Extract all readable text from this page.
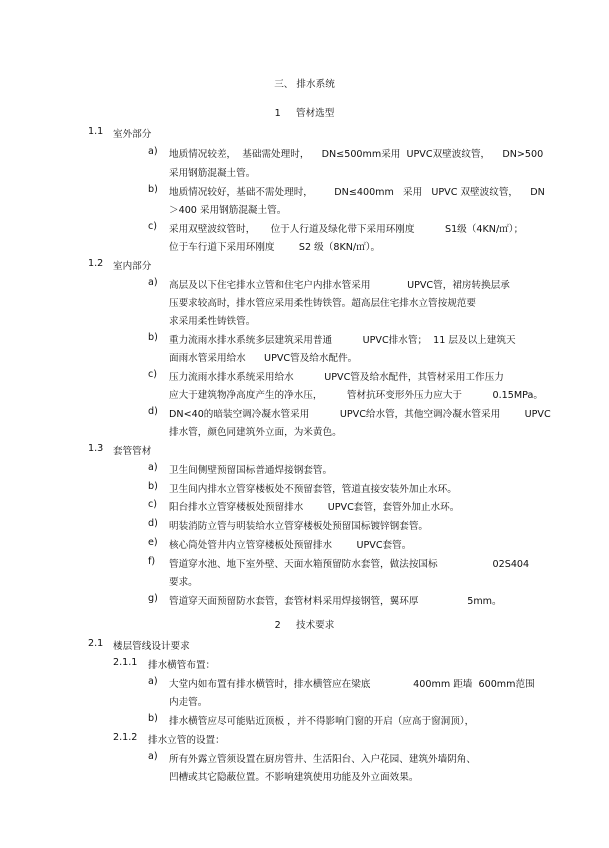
三、 排水系统
1 管材选型
1.1 室外部分
a) 地质情况较差，  基础需处理时，    DN≤500mm采用  UPVC双壁波纹管，    DN>500
采用钢筋混凝土管。
b) 地质情况较好，基础不需处理时，       DN≤400mm   采用   UPVC 双壁波纹管，    DN
＞400 采用钢筋混凝土管。
c) 采用双壁波纹管时，     位于人行道及绿化带下采用环刚度          S1级（4KN/㎡）；
位于车行道下采用环刚度        S2 级（8KN/㎡）。
1.2 室内部分
a) 高层及以下住宅排水立管和住宅户内排水管采用            UPVC管，裙房转换层承
压要求较高时，排水管应采用柔性铸铁管。超高层住宅排水立管按规范要
求采用柔性铸铁管。
b) 重力流雨水排水系统多层建筑采用普通          UPVC排水管；  11 层及以上建筑天
面雨水管采用给水      UPVC管及给水配件。
c) 压力流雨水排水系统采用给水          UPVC管及给水配件，其管材采用工作压力
应大于建筑物净高度产生的净水压，        管材抗环变形外压力应大于          0.15MPa。
d) DN<40的暗装空调冷凝水管采用          UPVC给水管，其他空调冷凝水管采用        UPVC
排水管，颜色同建筑外立面，为米黄色。
1.3 套管管材
a) 卫生间侧壁预留国标普通焊接钢套管。
b) 卫生间内排水立管穿楼板处不预留套管，管道直接安装外加止水环。
c) 阳台排水立管穿楼板处预留排水        UPVC套管，套管外加止水环。
d) 明装消防立管与明装给水立管穿楼板处预留国标镀锌钢套管。
e) 核心筒处管井内立管穿楼板处预留排水        UPVC套管。
f) 管道穿水池、地下室外壁、天面水箱预留防水套管，做法按国标                  02S404
要求。
g) 管道穿天面预留防水套管，套管材料采用焊接钢管，翼环厚                5mm。
2 技术要求
2.1 楼层管线设计要求
2.1.1 排水横管布置：
a) 大堂内如布置有排水横管时，排水横管应在梁底              400mm 距墙  600mm范围
内走管。
b) 排水横管应尽可能贴近顶板 ，并不得影响门窗的开启（应高于窗洞顶），
2.1.2 排水立管的设置：
a) 所有外露立管须设置在厨房管井、生活阳台、入户花园、建筑外墙阴角、
凹槽或其它隐蔽位置。不影响建筑使用功能及外立面效果。
